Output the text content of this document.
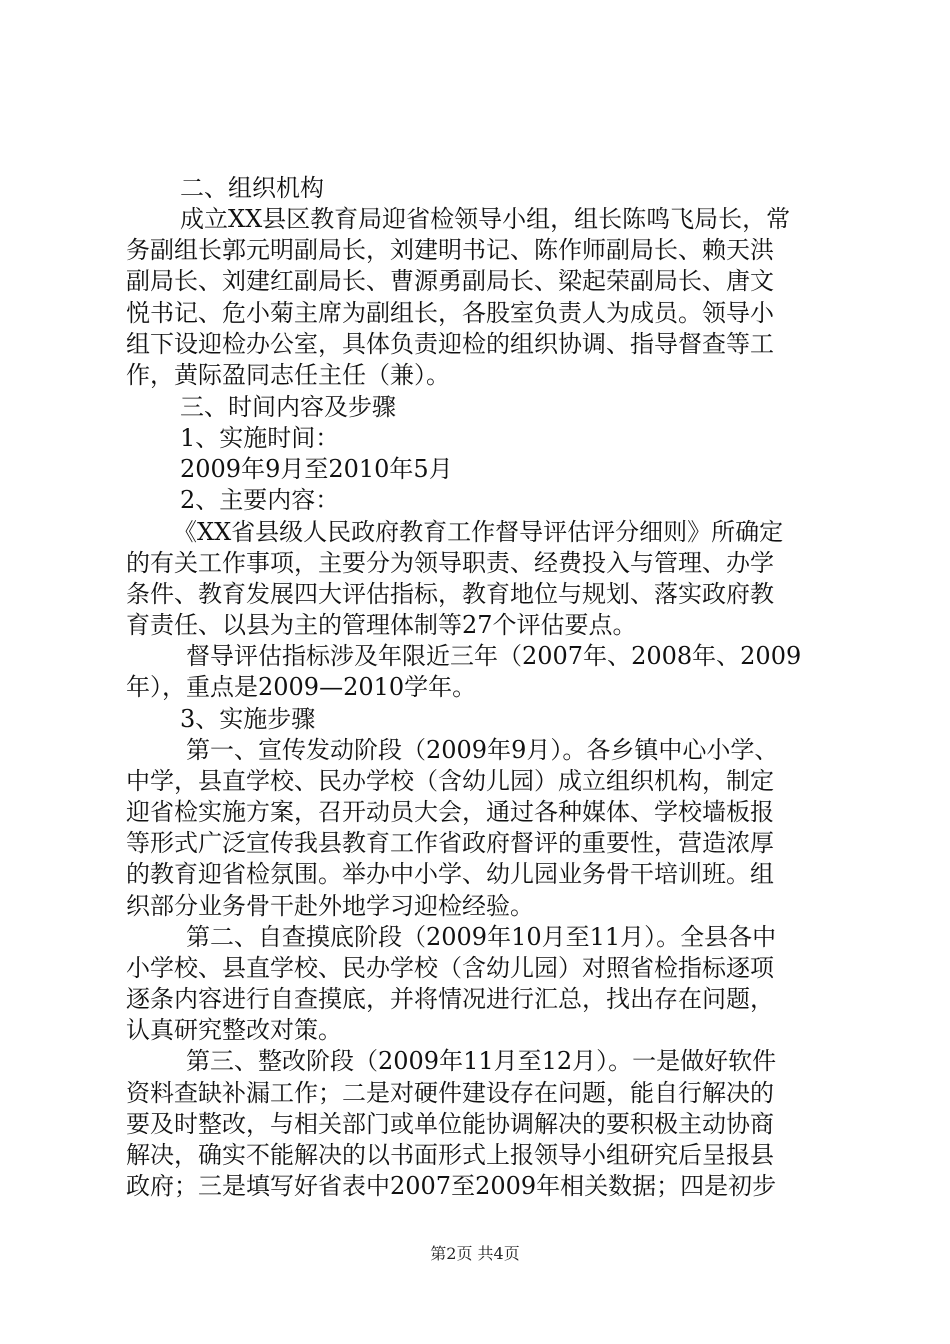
二、组织机构
成立XX县区教育局迎省检领导小组，组长陈鸣飞局长，常
务副组长郭元明副局长，刘建明书记、陈作师副局长、赖天洪
副局长、刘建红副局长、曹源勇副局长、梁起荣副局长、唐文
悦书记、危小菊主席为副组长，各股室负责人为成员。领导小
组下设迎检办公室，具体负责迎检的组织协调、指导督查等工
作，黄际盈同志任主任（兼）。
三、时间内容及步骤
1、实施时间：
2009年9月至2010年5月
2、主要内容：
《XX省县级人民政府教育工作督导评估评分细则》所确定
的有关工作事项，主要分为领导职责、经费投入与管理、办学
条件、教育发展四大评估指标，教育地位与规划、落实政府教
育责任、以县为主的管理体制等27个评估要点。
督导评估指标涉及年限近三年（2007年、2008年、2009
年），重点是2009—2010学年。
3、实施步骤
第一、宣传发动阶段（2009年9月）。各乡镇中心小学、
中学，县直学校、民办学校（含幼儿园）成立组织机构，制定
迎省检实施方案，召开动员大会，通过各种媒体、学校墙板报
等形式广泛宣传我县教育工作省政府督评的重要性，营造浓厚
的教育迎省检氛围。举办中小学、幼儿园业务骨干培训班。组
织部分业务骨干赴外地学习迎检经验。
第二、自查摸底阶段（2009年10月至11月）。全县各中
小学校、县直学校、民办学校（含幼儿园）对照省检指标逐项
逐条内容进行自查摸底，并将情况进行汇总，找出存在问题，
认真研究整改对策。
第三、整改阶段（2009年11月至12月）。一是做好软件
资料查缺补漏工作；二是对硬件建设存在问题，能自行解决的
要及时整改，与相关部门或单位能协调解决的要积极主动协商
解决，确实不能解决的以书面形式上报领导小组研究后呈报县
政府；三是填写好省表中2007至2009年相关数据；四是初步
第2页 共4页
